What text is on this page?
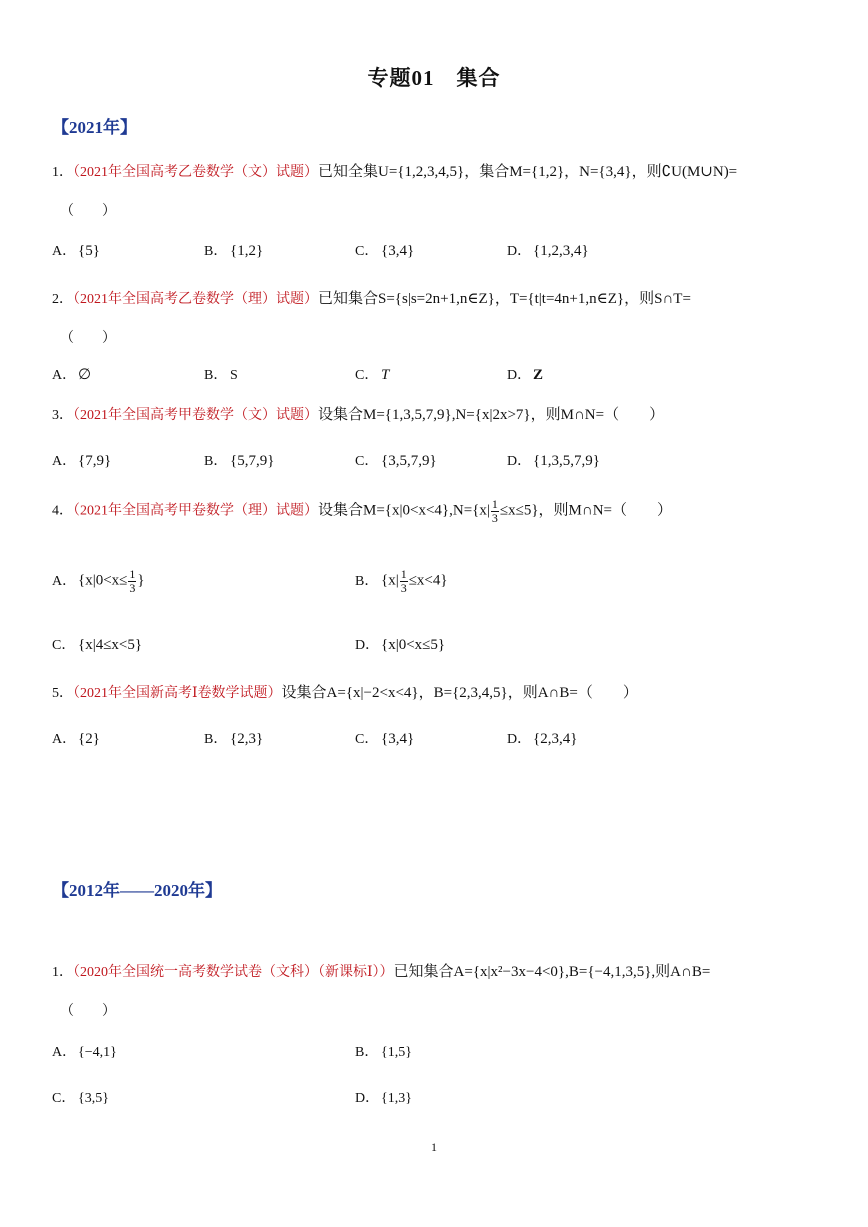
专题01　集合
【2021年】
1．（2021年全国高考乙卷数学（文）试题）已知全集U={1,2,3,4,5}，集合M={1,2}，N={3,4}，则∁U(M∪N)=
（　　）
A． {5}	B． {1,2}	C． {3,4}	D． {1,2,3,4}
2．（2021年全国高考乙卷数学（理）试题）已知集合S={s|s=2n+1,n∈Z}，T={t|t=4n+1,n∈Z}，则S∩T=
（　　）
A． ∅	B． S	C． T	D． Z
3．（2021年全国高考甲卷数学（文）试题）设集合M={1,3,5,7,9},N={x|2x>7}，则M∩N=（　　）
A． {7,9}	B． {5,7,9}	C． {3,5,7,9}	D． {1,3,5,7,9}
4．（2021年全国高考甲卷数学（理）试题）设集合$M=\{x|0<x<4\},N=\{x| \frac{1}{3} \le x\le 5\}$，则M∩N=（　　）
A． {$x|0<x\le \frac{1}{3}$ }	B． $\{x| \frac{1}{3} \le x<4\}$
C． {x|4≤x<5}	D． {x|0<x≤5}
5．（2021年全国新高考Ⅰ卷数学试题）设集合A={x|−2<x<4}，B={2,3,4,5}，则A∩B=（　　）
A． {2}	B． {2,3}	C． {3,4}	D． {2,3,4}
【2012年——2020年】
1．（2020年全国统一高考数学试卷（文科）（新课标Ⅰ））已知集合A={x|x²−3x−4<0},B={−4,1,3,5},则A∩B=
（　　）
A． {−4,1}	B． {1,5}
C． {3,5}	D． {1,3}
1
